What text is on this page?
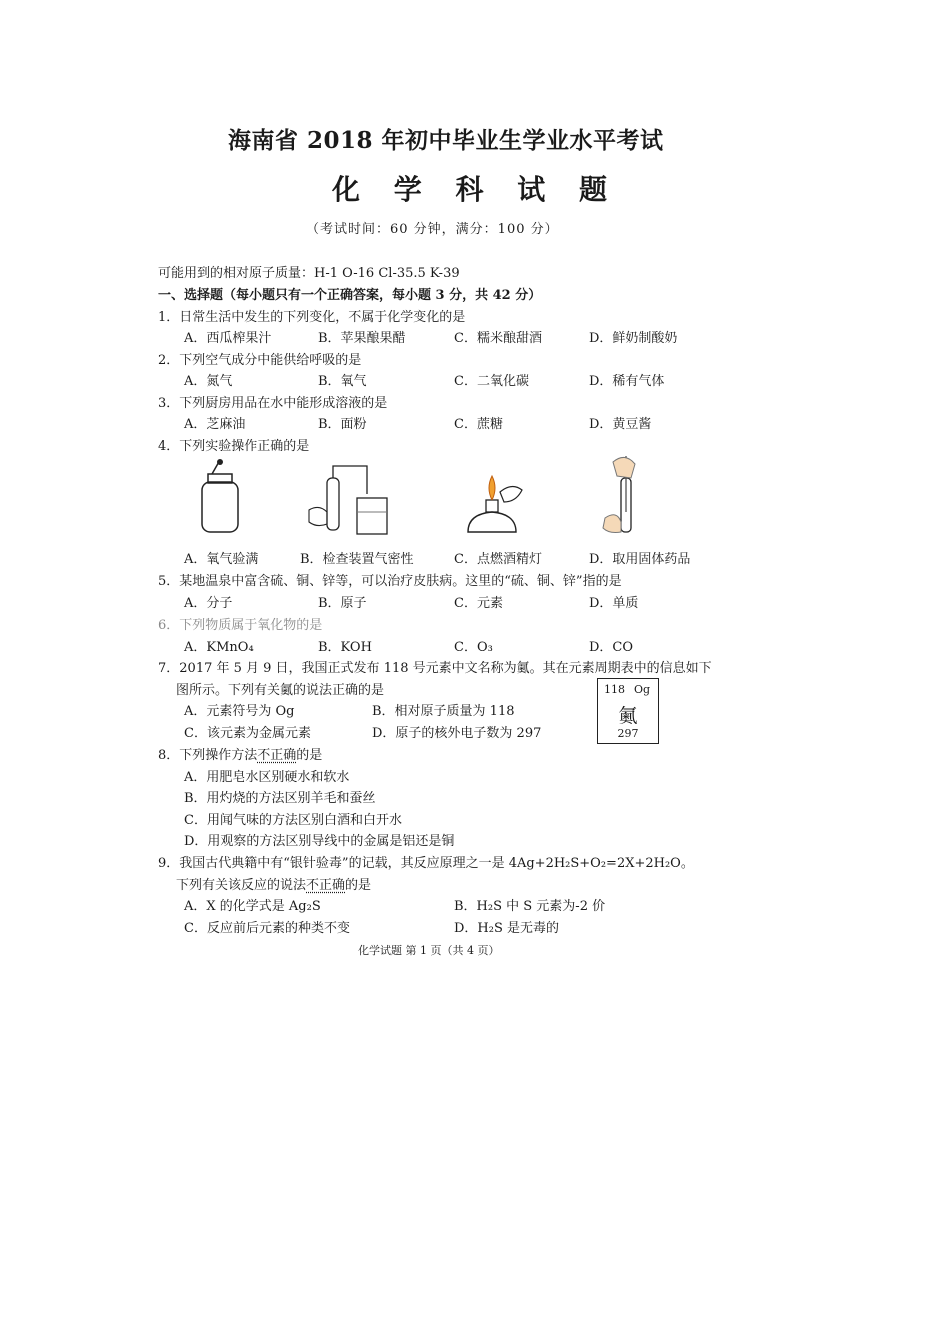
海南省 2018 年初中毕业生学业水平考试
化 学 科 试 题
（考试时间：60 分钟，满分：100 分）
可能用到的相对原子质量：H-1 O-16 Cl-35.5 K-39
一、选择题（每小题只有一个正确答案，每小题 3 分，共 42 分）
1．日常生活中发生的下列变化，不属于化学变化的是
A．西瓜榨果汁	B．苹果酿果醋	C．糯米酿甜酒	D．鲜奶制酸奶
2．下列空气成分中能供给呼吸的是
A．氮气	B．氧气	C．二氧化碳	D．稀有气体
3．下列厨房用品在水中能形成溶液的是
A．芝麻油	B．面粉	C．蔗糖	D．黄豆酱
4．下列实验操作正确的是
A．氧气验满	B．检查装置气密性	C．点燃酒精灯	D．取用固体药品
5．某地温泉中富含硫、铜、锌等，可以治疗皮肤病。这里的“硫、铜、锌”指的是
A．分子	B．原子	C．元素	D．单质
6．下列物质属于氧化物的是
A．KMnO₄	B．KOH	C．O₃	D．CO
7．2017 年 5 月 9 日，我国正式发布 118 号元素中文名称为鿫。其在元素周期表中的信息如下
图所示。下列有关鿫的说法正确的是
A．元素符号为 Og	B．相对原子质量为 118
C．该元素为金属元素	D．原子的核外电子数为 297
118 Og
鿫
297
8．下列操作方法不正确的是
A．用肥皂水区别硬水和软水
B．用灼烧的方法区别羊毛和蚕丝
C．用闻气味的方法区别白酒和白开水
D．用观察的方法区别导线中的金属是铝还是铜
9．我国古代典籍中有“银针验毒”的记载，其反应原理之一是 4Ag+2H₂S+O₂=2X+2H₂O。
下列有关该反应的说法不正确的是
A．X 的化学式是 Ag₂S	B．H₂S 中 S 元素为-2 价
C．反应前后元素的种类不变	D．H₂S 是无毒的
化学试题 第 1 页（共 4 页）
